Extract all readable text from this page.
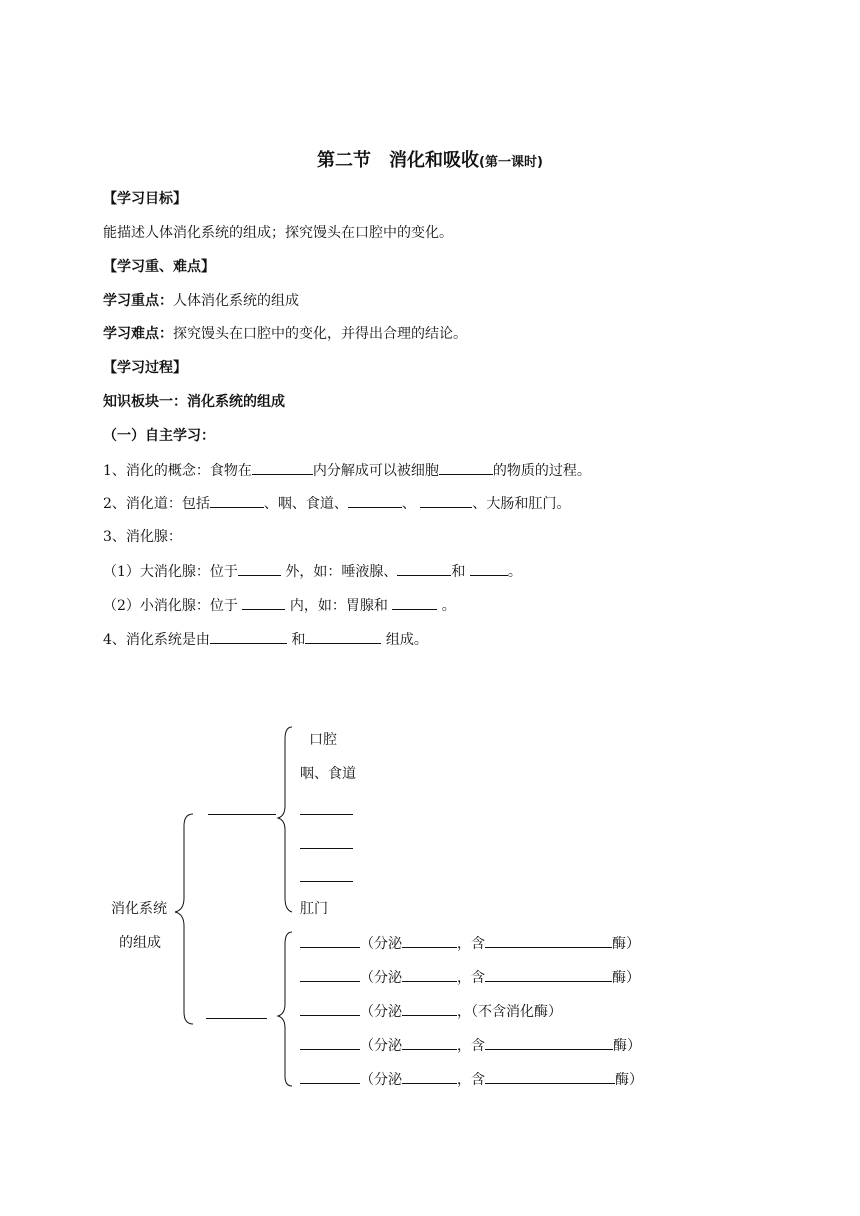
第二节　消化和吸收(第一课时)
【学习目标】
能描述人体消化系统的组成；探究馒头在口腔中的变化。
【学习重、难点】
学习重点：人体消化系统的组成
学习难点：探究馒头在口腔中的变化，并得出合理的结论。
【学习过程】
知识板块一：消化系统的组成
（一）自主学习：
1、消化的概念：食物在	内分解成可以被细胞	的物质的过程。
2、消化道：包括	、咽、食道、	、	、大肠和肛门。
3、消化腺：
（1）大消化腺：位于	外，如：唾液腺、	和	。
（2）小消化腺：位于	内，如：胃腺和	。
4、消化系统是由	和	组成。
消化系统
的组成
口腔
咽、食道
肛门
（分泌	，含	酶）
（分泌	，含	酶）
（分泌	，（不含消化酶）
（分泌	，含	酶）
（分泌	，含	酶）
